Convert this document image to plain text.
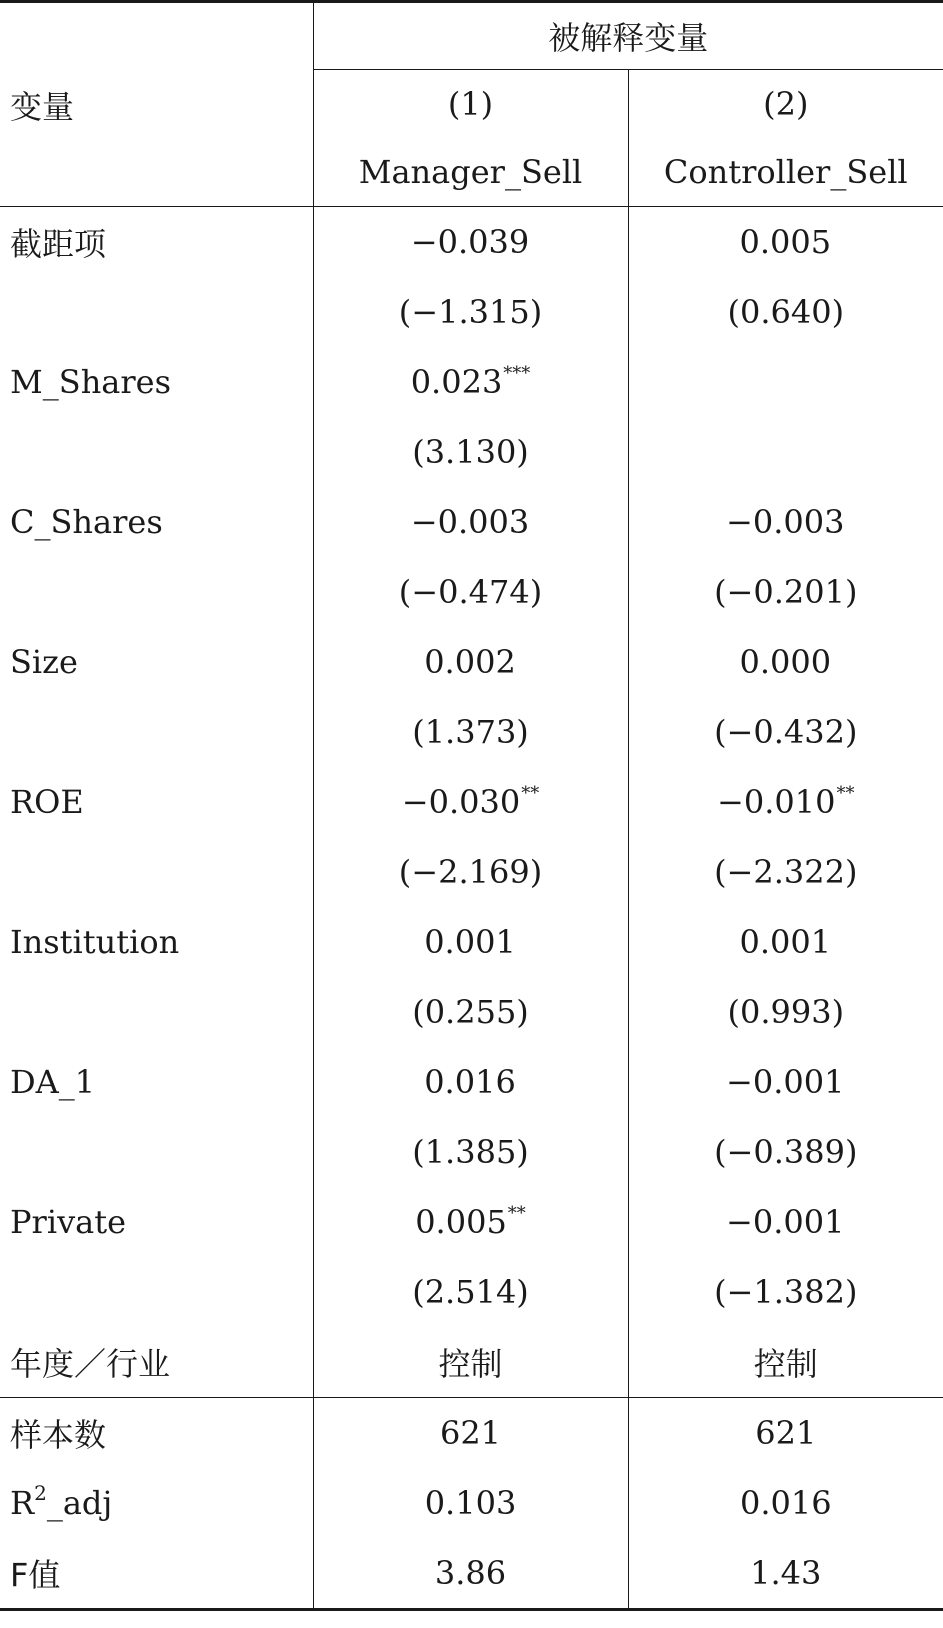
变量	被解释变量	
	(1)	(2)
	Manager_Sell	Controller_Sell
截距项	−0.039	0.005
	(−1.315)	(0.640)
M_Shares	0.023***	
	(3.130)	
C_Shares	−0.003	−0.003
	(−0.474)	(−0.201)
Size	0.002	0.000
	(1.373)	(−0.432)
ROE	−0.030**	−0.010**
	(−2.169)	(−2.322)
Institution	0.001	0.001
	(0.255)	(0.993)
DA_1	0.016	−0.001
	(1.385)	(−0.389)
Private	0.005**	−0.001
	(2.514)	(−1.382)
年度／行业	控制	控制
样本数	621	621
$R^2\_adj$	0.103	0.016
F值	3.86	1.43
